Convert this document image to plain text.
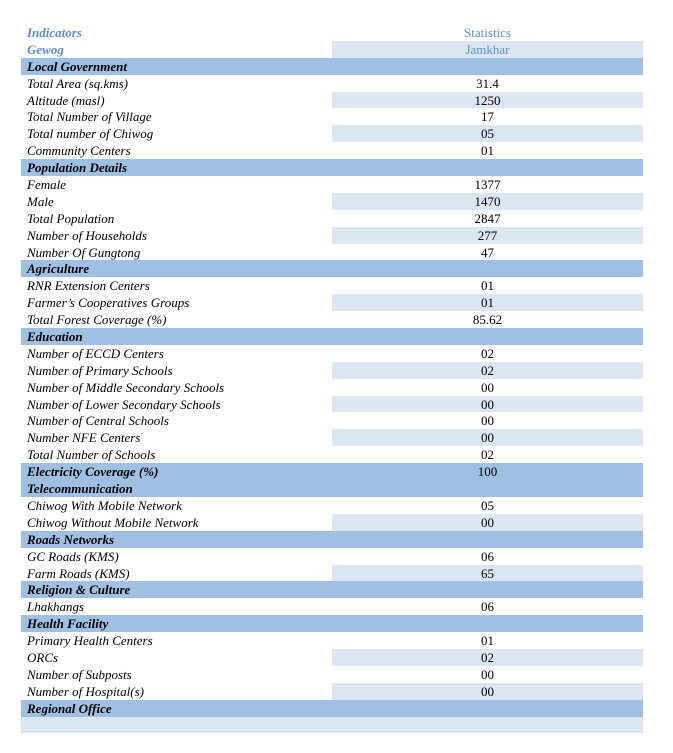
Indicators	Statistics
Gewog	Jamkhar
Local Government
Total Area (sq.kms)	31.4
Altitude (masl)	1250
Total Number of Village	17
Total number of Chiwog	05
Community Centers	01
Population Details
Female	1377
Male	1470
Total Population	2847
Number of Households	277
Number Of Gungtong	47
Agriculture
RNR Extension Centers	01
Farmer’s Cooperatives Groups	01
Total Forest Coverage (%)	85.62
Education
Number of ECCD Centers	02
Number of Primary Schools	02
Number of Middle Secondary Schools	00
Number of Lower Secondary Schools	00
Number of Central Schools	00
Number NFE Centers	00
Total Number of Schools	02
Electricity Coverage (%)	100
Telecommunication
Chiwog With Mobile Network	05
Chiwog Without Mobile Network	00
Roads Networks
GC Roads (KMS)	06
Farm Roads (KMS)	65
Religion & Culture
Lhakhangs	06
Health Facility
Primary Health Centers	01
ORCs	02
Number of Subposts	00
Number of Hospital(s)	00
Regional Office
